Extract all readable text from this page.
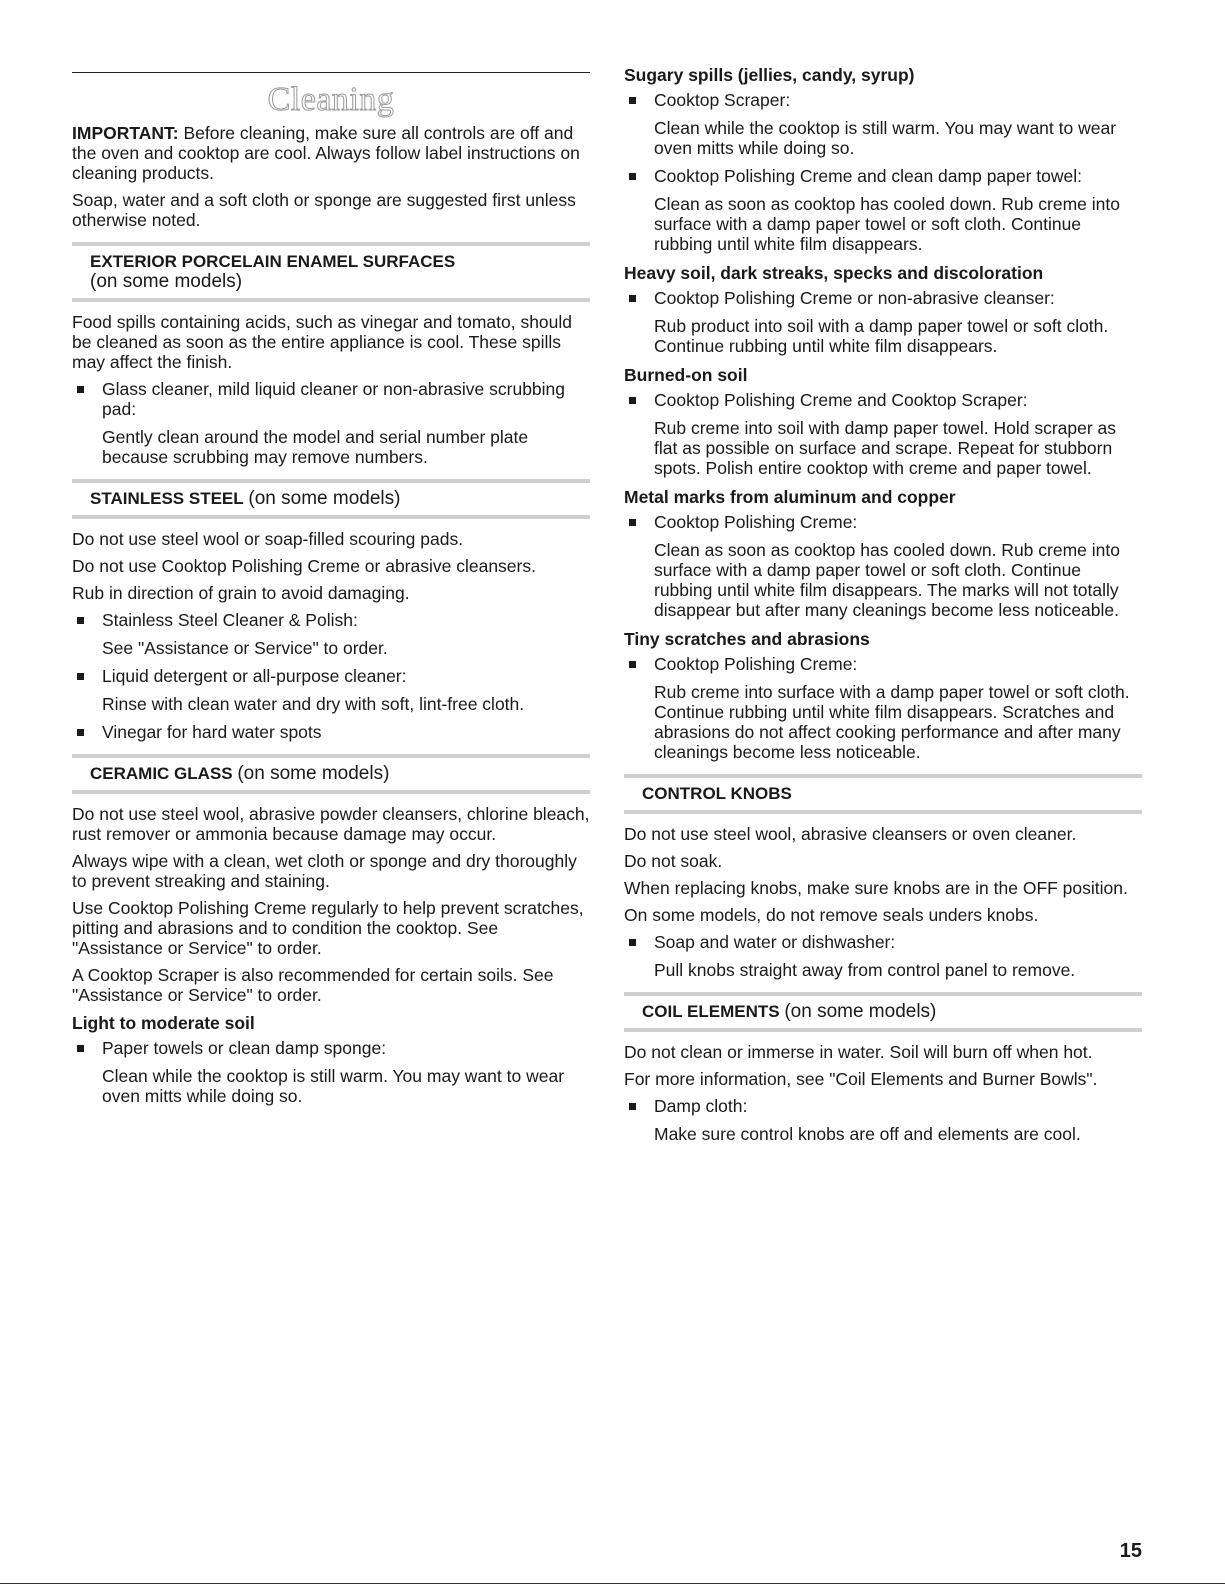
Cleaning

IMPORTANT: Before cleaning, make sure all controls are off and the oven and cooktop are cool. Always follow label instructions on cleaning products.

Soap, water and a soft cloth or sponge are suggested first unless otherwise noted.

EXTERIOR PORCELAIN ENAMEL SURFACES
(on some models)

Food spills containing acids, such as vinegar and tomato, should be cleaned as soon as the entire appliance is cool. These spills may affect the finish.

Glass cleaner, mild liquid cleaner or non-abrasive scrubbing pad:
Gently clean around the model and serial number plate because scrubbing may remove numbers.
STAINLESS STEEL (on some models)

Do not use steel wool or soap-filled scouring pads.

Do not use Cooktop Polishing Creme or abrasive cleansers.

Rub in direction of grain to avoid damaging.

Stainless Steel Cleaner & Polish:
See "Assistance or Service" to order.
Liquid detergent or all-purpose cleaner:
Rinse with clean water and dry with soft, lint-free cloth.
Vinegar for hard water spots
CERAMIC GLASS (on some models)

Do not use steel wool, abrasive powder cleansers, chlorine bleach, rust remover or ammonia because damage may occur.

Always wipe with a clean, wet cloth or sponge and dry thoroughly to prevent streaking and staining.

Use Cooktop Polishing Creme regularly to help prevent scratches, pitting and abrasions and to condition the cooktop. See "Assistance or Service" to order.

A Cooktop Scraper is also recommended for certain soils. See "Assistance or Service" to order.

Light to moderate soil
Paper towels or clean damp sponge:
Clean while the cooktop is still warm. You may want to wear oven mitts while doing so.
Sugary spills (jellies, candy, syrup)
Cooktop Scraper:
Clean while the cooktop is still warm. You may want to wear oven mitts while doing so.
Cooktop Polishing Creme and clean damp paper towel:
Clean as soon as cooktop has cooled down. Rub creme into surface with a damp paper towel or soft cloth. Continue rubbing until white film disappears.
Heavy soil, dark streaks, specks and discoloration
Cooktop Polishing Creme or non-abrasive cleanser:
Rub product into soil with a damp paper towel or soft cloth. Continue rubbing until white film disappears.
Burned-on soil
Cooktop Polishing Creme and Cooktop Scraper:
Rub creme into soil with damp paper towel. Hold scraper as flat as possible on surface and scrape. Repeat for stubborn spots. Polish entire cooktop with creme and paper towel.
Metal marks from aluminum and copper
Cooktop Polishing Creme:
Clean as soon as cooktop has cooled down. Rub creme into surface with a damp paper towel or soft cloth. Continue rubbing until white film disappears. The marks will not totally disappear but after many cleanings become less noticeable.
Tiny scratches and abrasions
Cooktop Polishing Creme:
Rub creme into surface with a damp paper towel or soft cloth. Continue rubbing until white film disappears. Scratches and abrasions do not affect cooking performance and after many cleanings become less noticeable.
CONTROL KNOBS

Do not use steel wool, abrasive cleansers or oven cleaner.

Do not soak.

When replacing knobs, make sure knobs are in the OFF position.

On some models, do not remove seals unders knobs.

Soap and water or dishwasher:
Pull knobs straight away from control panel to remove.
COIL ELEMENTS (on some models)

Do not clean or immerse in water. Soil will burn off when hot.

For more information, see "Coil Elements and Burner Bowls".

Damp cloth:
Make sure control knobs are off and elements are cool.
15
